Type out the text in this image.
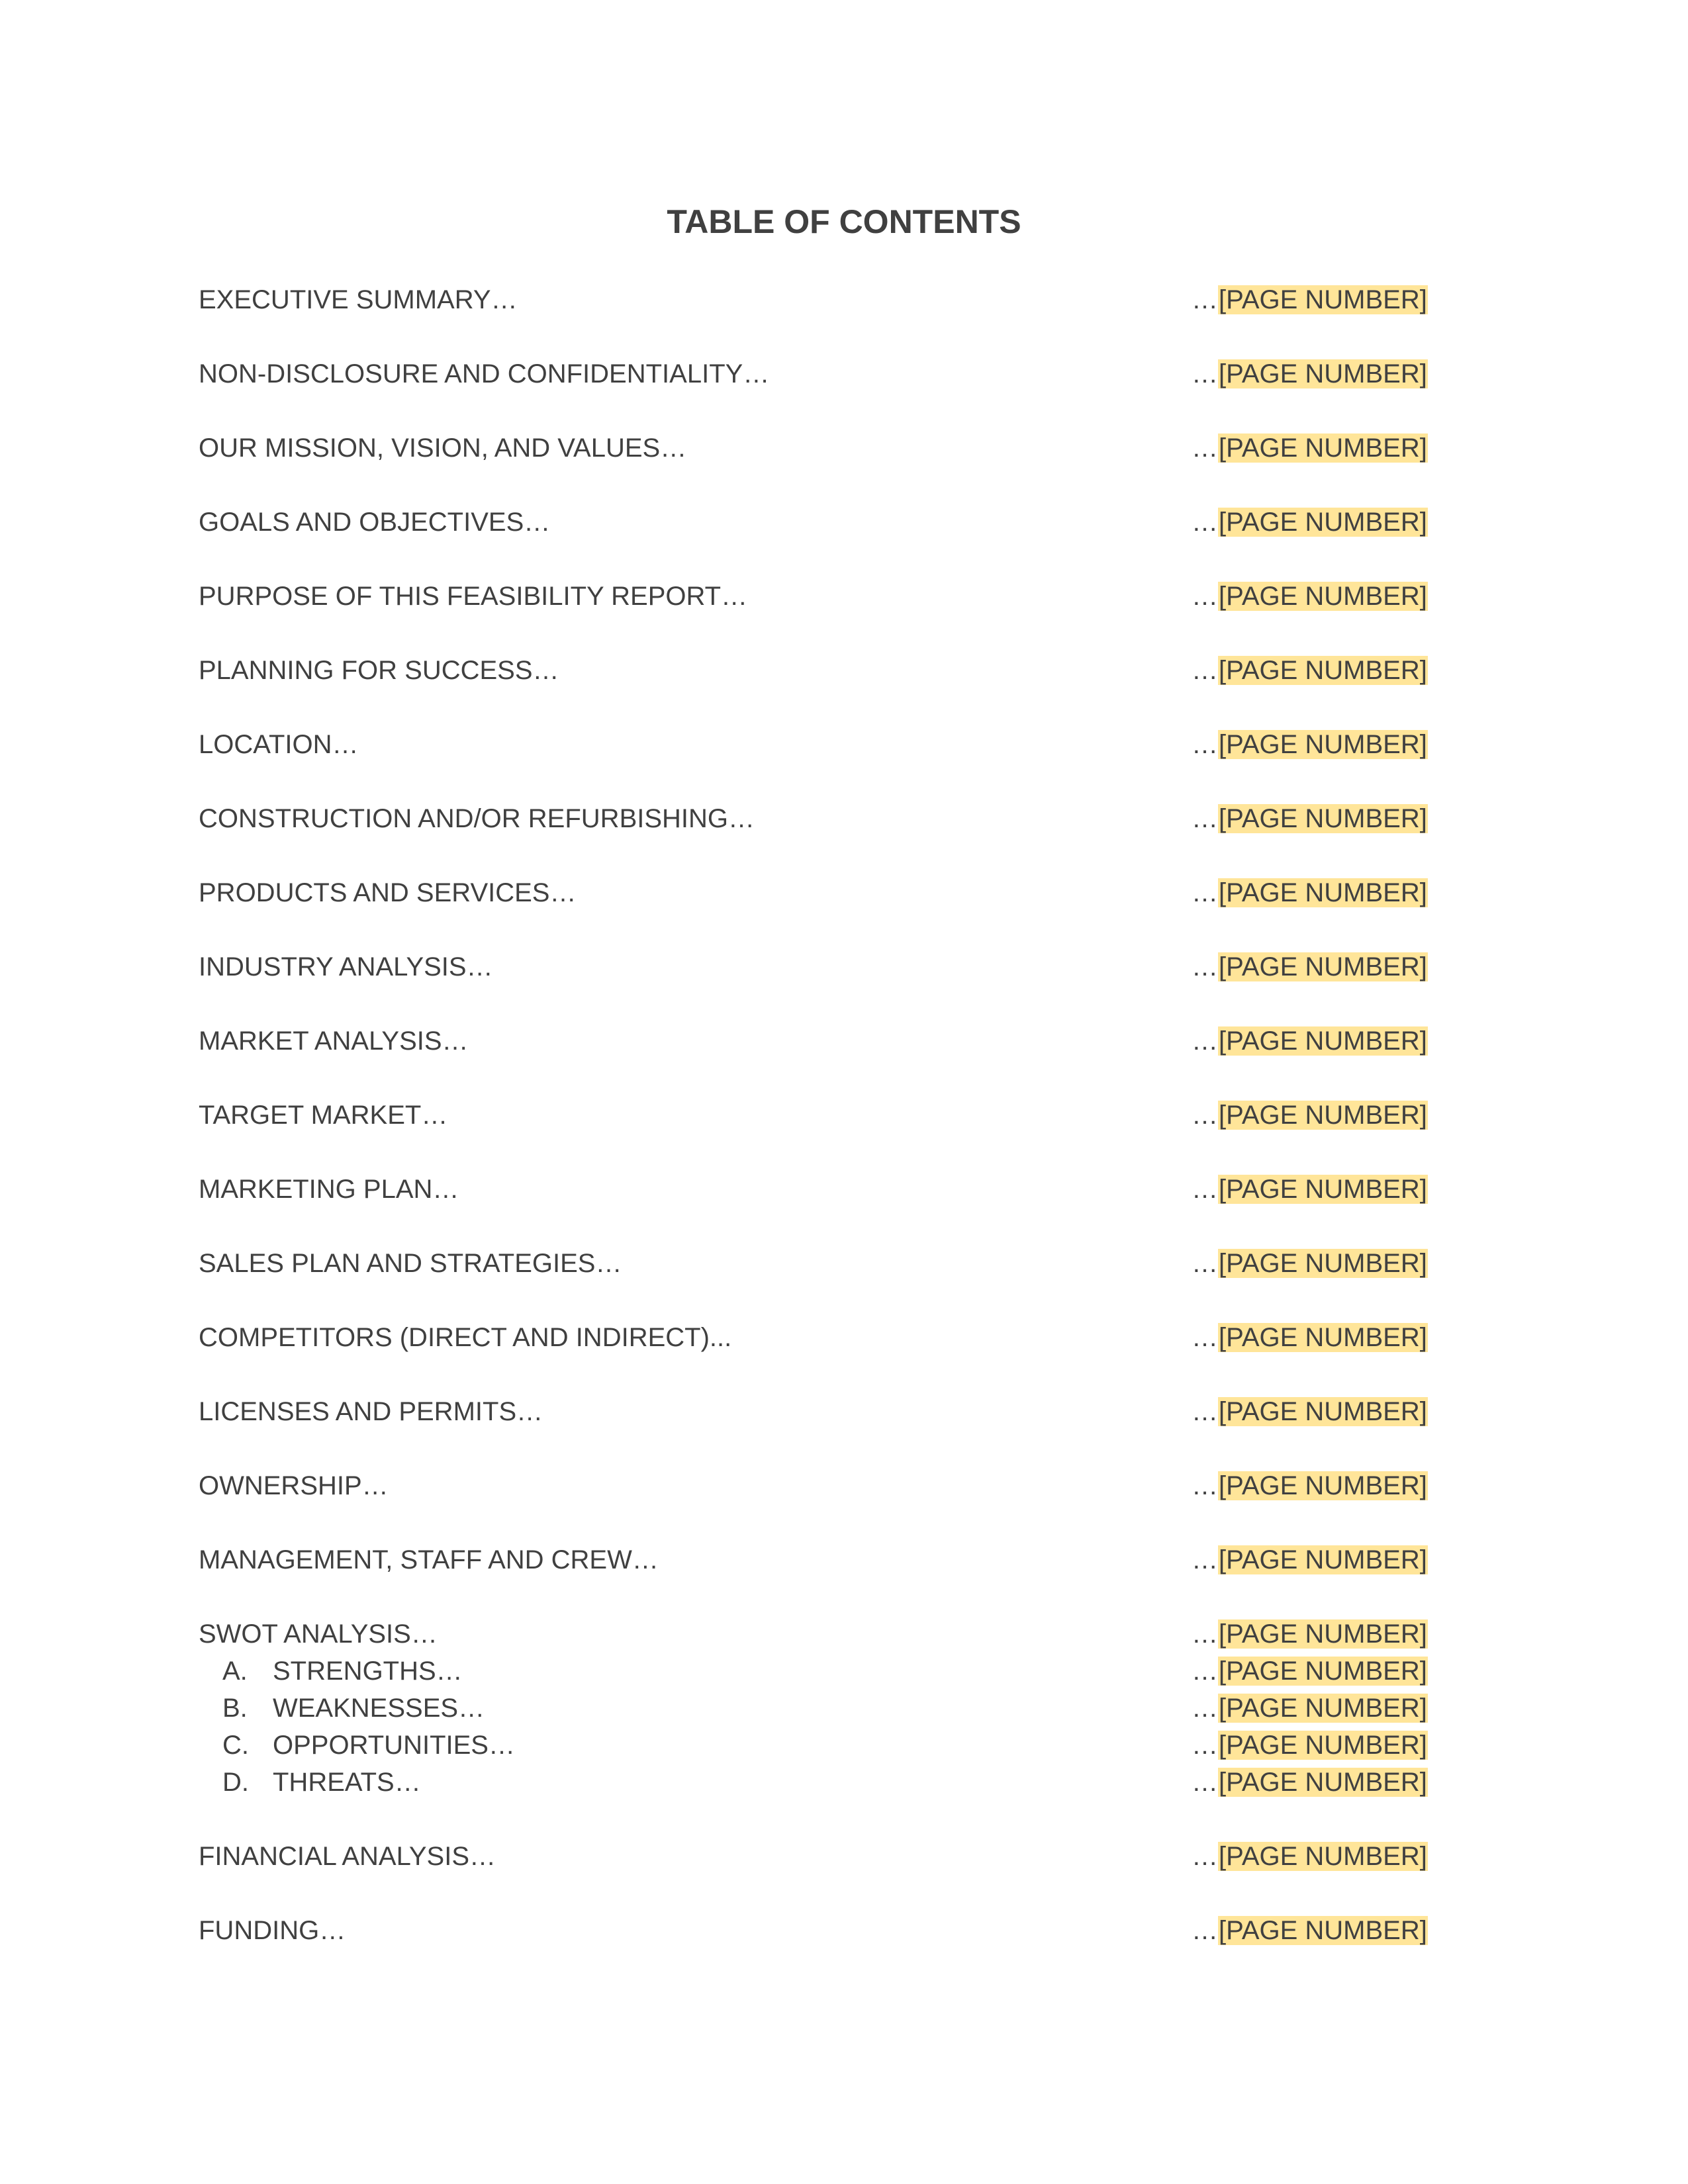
TABLE OF CONTENTS
EXECUTIVE SUMMARY…	…[PAGE NUMBER]
NON-DISCLOSURE AND CONFIDENTIALITY…	…[PAGE NUMBER]
OUR MISSION, VISION, AND VALUES…	…[PAGE NUMBER]
GOALS AND OBJECTIVES…	…[PAGE NUMBER]
PURPOSE OF THIS FEASIBILITY REPORT…	…[PAGE NUMBER]
PLANNING FOR SUCCESS…	…[PAGE NUMBER]
LOCATION…	…[PAGE NUMBER]
CONSTRUCTION AND/OR REFURBISHING…	…[PAGE NUMBER]
PRODUCTS AND SERVICES…	…[PAGE NUMBER]
INDUSTRY ANALYSIS…	…[PAGE NUMBER]
MARKET ANALYSIS…	…[PAGE NUMBER]
TARGET MARKET…	…[PAGE NUMBER]
MARKETING PLAN…	…[PAGE NUMBER]
SALES PLAN AND STRATEGIES…	…[PAGE NUMBER]
COMPETITORS (DIRECT AND INDIRECT)...	…[PAGE NUMBER]
LICENSES AND PERMITS…	…[PAGE NUMBER]
OWNERSHIP…	…[PAGE NUMBER]
MANAGEMENT, STAFF AND CREW…	…[PAGE NUMBER]
SWOT ANALYSIS…	…[PAGE NUMBER]
A. STRENGTHS…	…[PAGE NUMBER]
B. WEAKNESSES…	…[PAGE NUMBER]
C. OPPORTUNITIES…	…[PAGE NUMBER]
D. THREATS…	…[PAGE NUMBER]
FINANCIAL ANALYSIS…	…[PAGE NUMBER]
FUNDING…	…[PAGE NUMBER]
